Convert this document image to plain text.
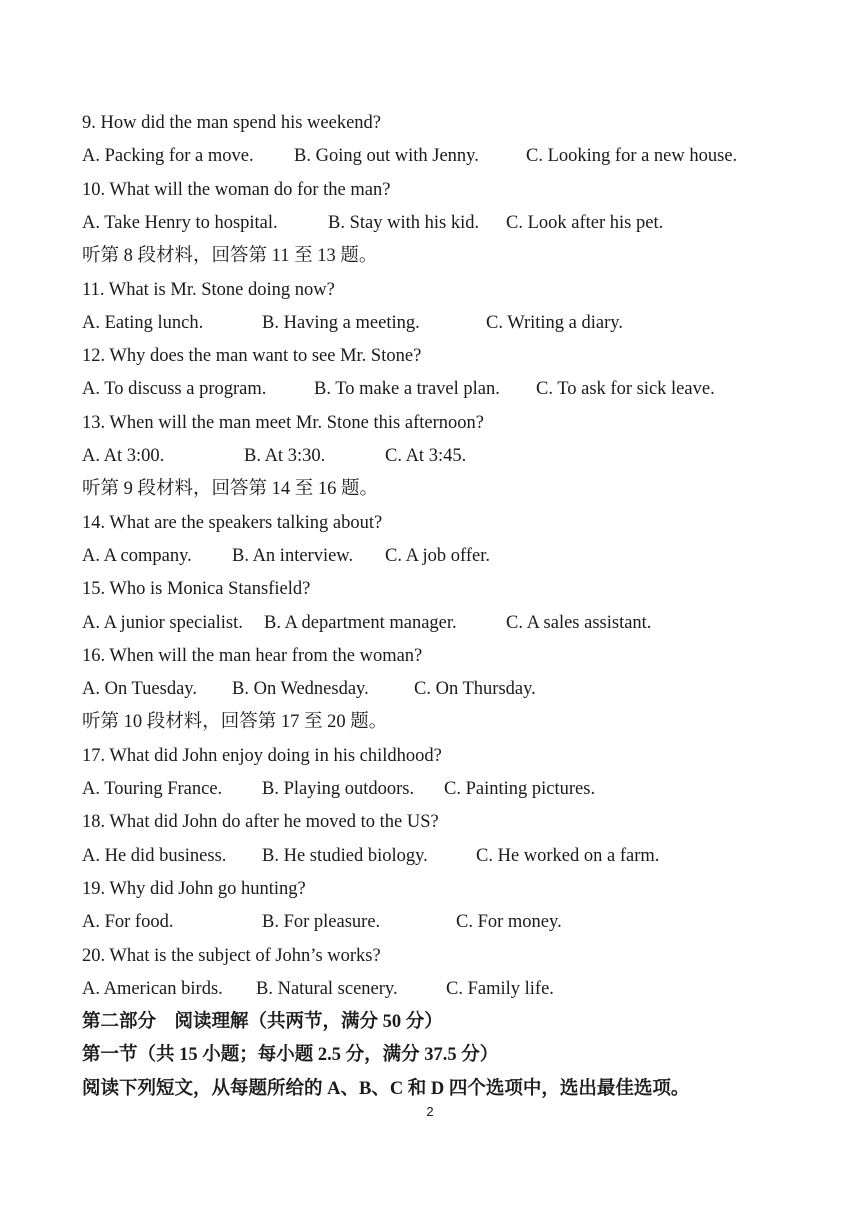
9. How did the man spend his weekend?
A. Packing for a move. B. Going out with Jenny.	C. Looking for a new house.
10. What will the woman do for the man?
A. Take Henry to hospital.	B. Stay with his kid. C. Look after his pet.
听第 8 段材料，回答第 11 至 13 题。
11. What is Mr. Stone doing now?
A. Eating lunch.	B. Having a meeting.	C. Writing a diary.
12. Why does the man want to see Mr. Stone?
A. To discuss a program.	B. To make a travel plan. C. To ask for sick leave.
13. When will the man meet Mr. Stone this afternoon?
A. At 3:00.	B. At 3:30.	C. At 3:45.
听第 9 段材料，回答第 14 至 16 题。
14. What are the speakers talking about?
A. A company. B. An interview. C. A job offer.
15. Who is Monica Stansfield?
A. A junior specialist. B. A department manager.	C. A sales assistant.
16. When will the man hear from the woman?
A. On Tuesday. B. On Wednesday. C. On Thursday.
听第 10 段材料，回答第 17 至 20 题。
17. What did John enjoy doing in his childhood?
A. Touring France. B. Playing outdoors. C. Painting pictures.
18. What did John do after he moved to the US?
A. He did business. B. He studied biology.	C. He worked on a farm.
19. Why did John go hunting?
A. For food.	B. For pleasure.	C. For money.
20. What is the subject of John’s works?
A. American birds. B. Natural scenery.	C. Family life.
第二部分　阅读理解（共两节，满分 50 分）
第一节（共 15 小题；每小题 2.5 分，满分 37.5 分）
阅读下列短文，从每题所给的 A、B、C 和 D 四个选项中，选出最佳选项。
2
